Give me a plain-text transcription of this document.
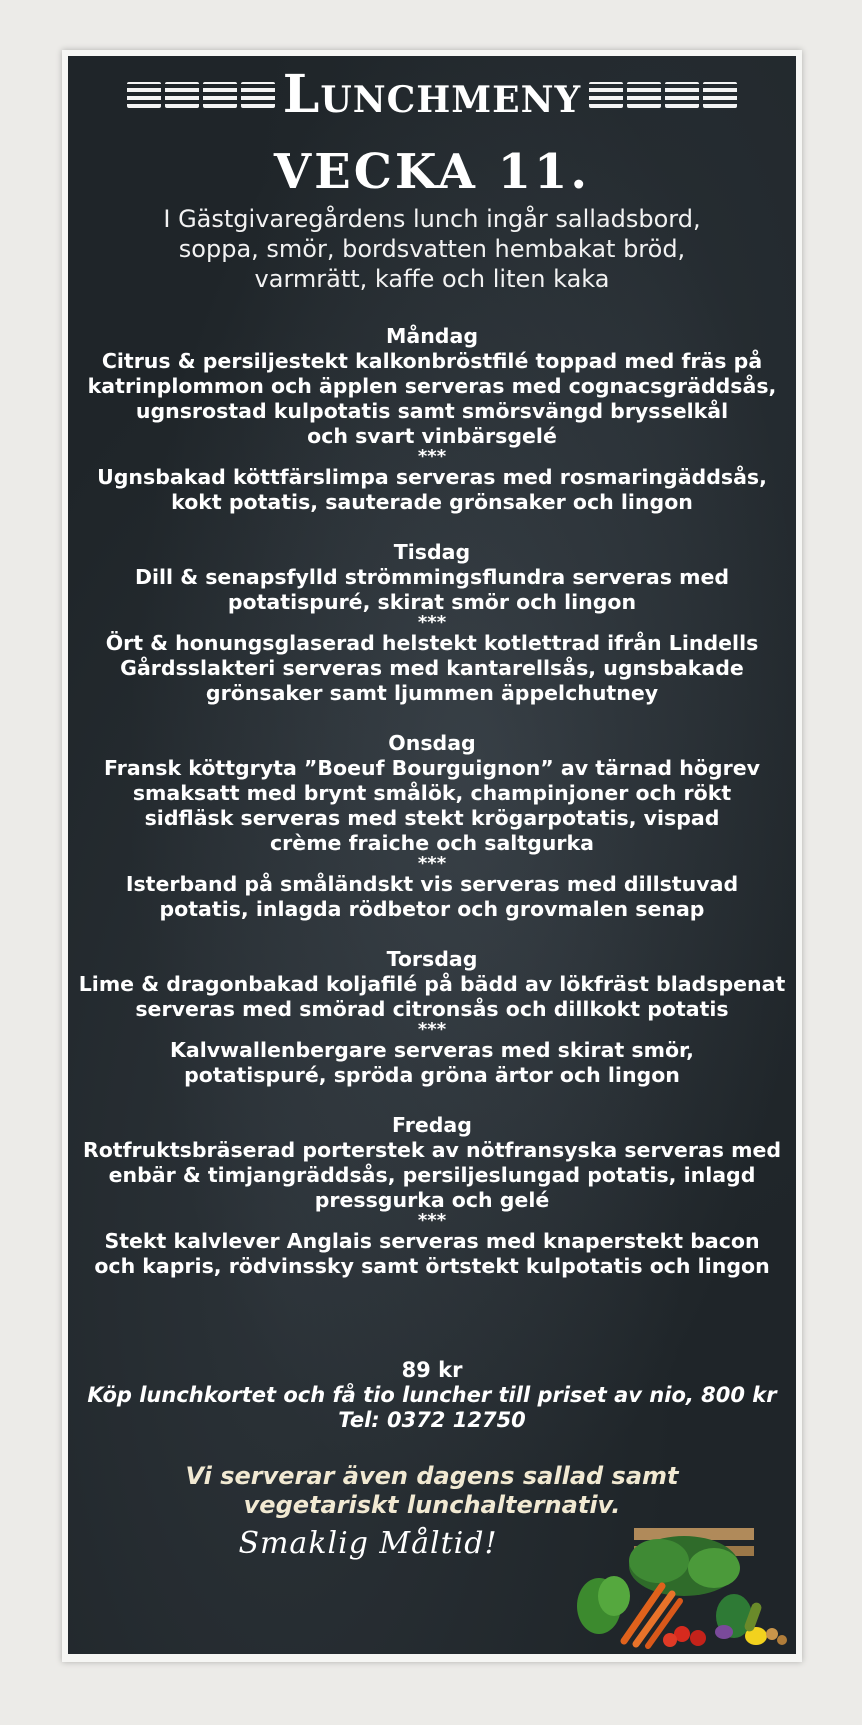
Lunchmeny
VECKA 11.
I Gästgivaregårdens lunch ingår salladsbord,
soppa, smör, bordsvatten hembakat bröd,
varmrätt, kaffe och liten kaka
Måndag
Citrus & persiljestekt kalkonbröstfilé toppad med fräs på
katrinplommon och äpplen serveras med cognacsgräddsås,
ugnsrostad kulpotatis samt smörsvängd brysselkål
och svart vinbärsgelé
***
Ugnsbakad köttfärslimpa serveras med rosmaringäddsås,
kokt potatis, sauterade grönsaker och lingon
Tisdag
Dill & senapsfylld strömmingsflundra serveras med
potatispuré, skirat smör och lingon
***
Ört & honungsglaserad helstekt kotlettrad ifrån Lindells
Gårdsslakteri serveras med kantarellsås, ugnsbakade
grönsaker samt ljummen äppelchutney
Onsdag
Fransk köttgryta ”Boeuf Bourguignon” av tärnad högrev
smaksatt med brynt smålök, champinjoner och rökt
sidfläsk serveras med stekt krögarpotatis, vispad
crème fraiche och saltgurka
***
Isterband på småländskt vis serveras med dillstuvad
potatis, inlagda rödbetor och grovmalen senap
Torsdag
Lime & dragonbakad koljafilé på bädd av lökfräst bladspenat
serveras med smörad citronsås och dillkokt potatis
***
Kalvwallenbergare serveras med skirat smör,
potatispuré, spröda gröna ärtor och lingon
Fredag
Rotfruktsbräserad porterstek av nötfransyska serveras med
enbär & timjangräddsås, persiljeslungad potatis, inlagd
pressgurka och gelé
***
Stekt kalvlever Anglais serveras med knaperstekt bacon
och kapris, rödvinssky samt örtstekt kulpotatis och lingon
89 kr
Köp lunchkortet och få tio luncher till priset av nio, 800 kr
Tel: 0372 12750
Vi serverar även dagens sallad samt
vegetariskt lunchalternativ.
Smaklig Måltid!
